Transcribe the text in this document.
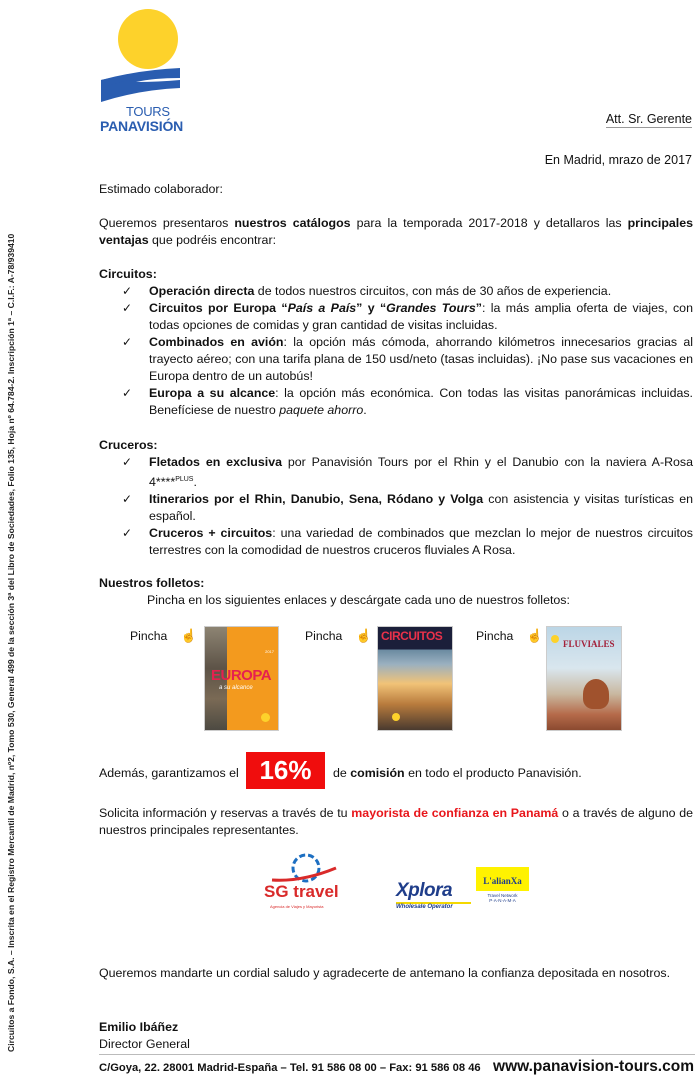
TOURS
PANAVISIÓN	Att. Sr. Gerente
En Madrid, mrazo de 2017
Circuitos a Fondo, S.A. – Inscrita en el Registro Mercantil de Madrid, nº2, Tomo 530, General 499 de la sección 3ª del Libro de Sociedades, Folio 135, Hoja nº 64.784-2. Inscripción 1ª – C.I.F.: A-78/939410

Estimado colaborador:

Queremos presentaros nuestros catálogos para la temporada 2017-2018 y detallaros las principales ventajas que podréis encontrar:

Circuitos:

✓ Operación directa de todos nuestros circuitos, con más de 30 años de experiencia.
✓ Circuitos por Europa “País a País” y “Grandes Tours”: la más amplia oferta de viajes, con todas opciones de comidas y gran cantidad de visitas incluidas.
✓ Combinados en avión: la opción más cómoda, ahorrando kilómetros innecesarios gracias al trayecto aéreo; con una tarifa plana de 150 usd/neto (tasas incluidas). ¡No pase sus vacaciones en Europa dentro de un autobús!
✓ Europa a su alcance: la opción más económica. Con todas las visitas panorámicas incluidas. Benefíciese de nuestro paquete ahorro.

Cruceros:

✓ Fletados en exclusiva por Panavisión Tours por el Rhin y el Danubio con la naviera A-Rosa 4****$^{PLUS}$.
✓ Itinerarios por el Rhin, Danubio, Sena, Ródano y Volga con asistencia y visitas turísticas en español.
✓ Cruceros + circuitos: una variedad de combinados que mezclan lo mejor de nuestros circuitos terrestres con la comodidad de nuestros cruceros fluviales A Rosa.

Nuestros folletos:

Pincha en los siguientes enlaces y descárgate cada uno de nuestros folletos:

Pincha ☝
2017
EUROPA
a su alcance
Pincha ☝ CIRCUITOS	Pincha ☝
FLUVIALES
Además, garantizamos el 16%	de comisión en todo el producto Panavisión.

Solicita información y reservas a través de tu mayorista de confianza en Panamá o a través de alguno de nuestros principales representantes.

SG travel
Agencia de Viajes y Mayorista
Xplora
Wholesale Operator
L'alianXa
Travel Network
P·A·N·A·M·A

Queremos mandarte un cordial saludo y agradecerte de antemano la confianza depositada en nosotros.

Emilio Ibáñez
Director General
C/Goya, 22. 28001 Madrid-España – Tel. 91 586 08 00 – Fax: 91 586 08 46 www.panavision-tours.com
